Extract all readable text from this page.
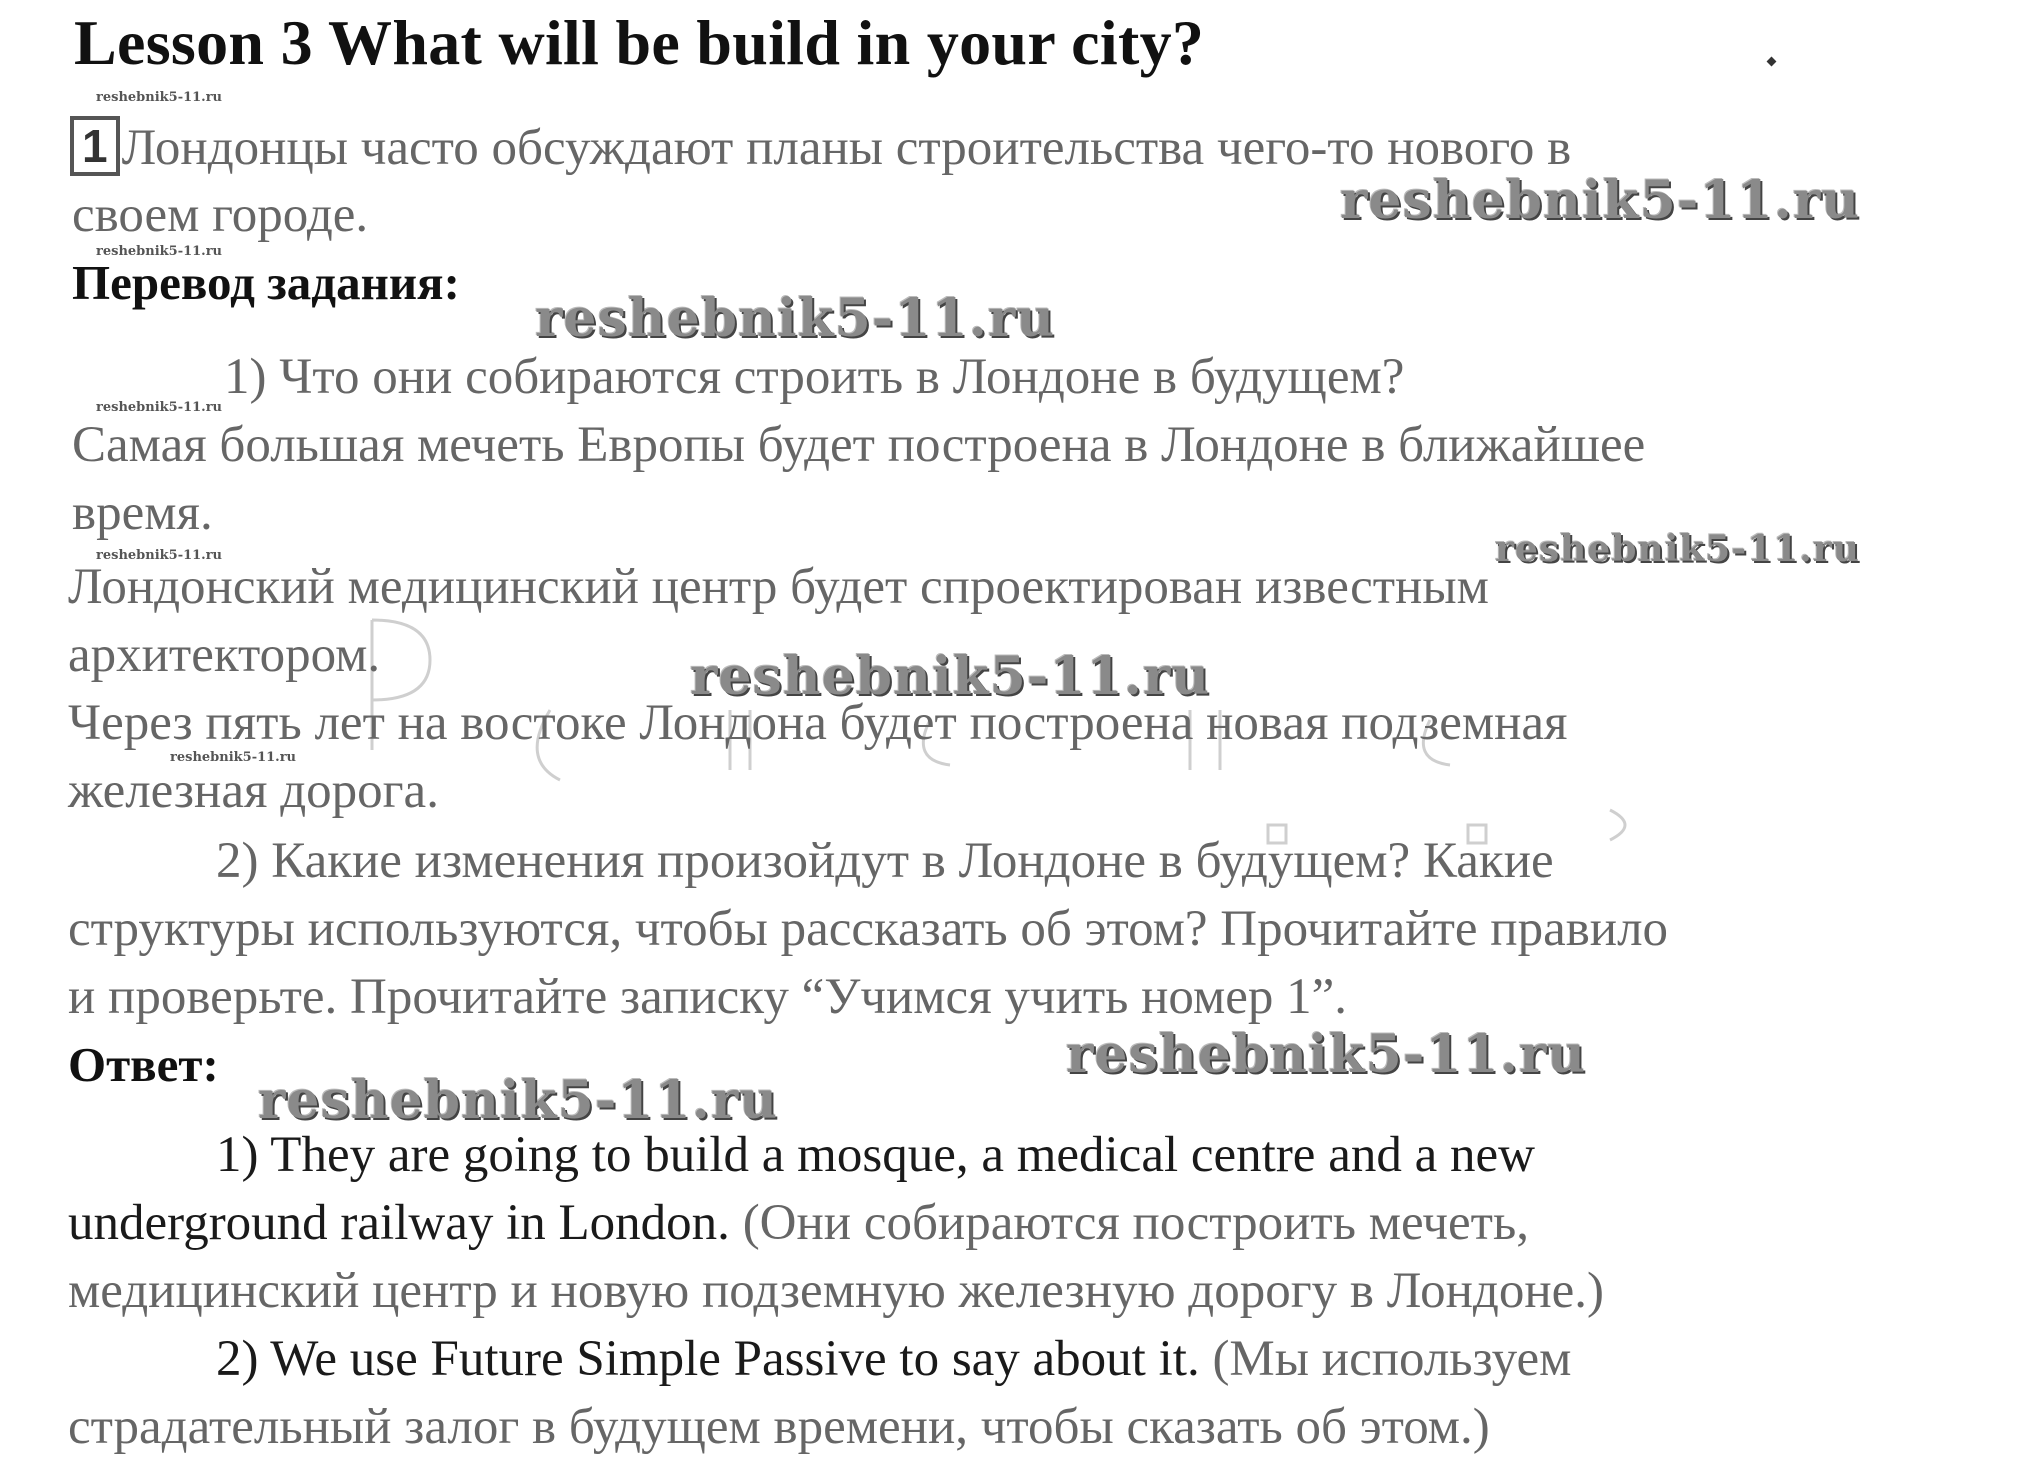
Lesson 3 What will be build in your city?
reshebnik5-11.ru
reshebnik5-11.ru
reshebnik5-11.ru
reshebnik5-11.ru
reshebnik5-11.ru
1 Лондонцы часто обсуждают планы строительства чего-то нового в
своем городе.	reshebnik5-11.ru
Перевод задания:
reshebnik5-11.ru
1) Что они собираются строить в Лондоне в будущем?
Самая большая мечеть Европы будет построена в Лондоне в ближайшее
время.
reshebnik5-11.ru
Лондонский медицинский центр будет спроектирован известным
архитектором.	reshebnik5-11.ru
Через пять лет на востоке Лондона будет построена новая подземная
железная дорога.
2) Какие изменения произойдут в Лондоне в будущем? Какие
структуры используются, чтобы рассказать об этом? Прочитайте правило
и проверьте. Прочитайте записку “Учимся учить номер 1”.
Ответ:	reshebnik5-11.ru
reshebnik5-11.ru
1) They are going to build a mosque, a medical centre and a new
underground railway in London. (Они собираются построить мечеть,
медицинский центр и новую подземную железную дорогу в Лондоне.)
2) We use Future Simple Passive to say about it. (Мы используем
страдательный залог в будущем времени, чтобы сказать об этом.)
